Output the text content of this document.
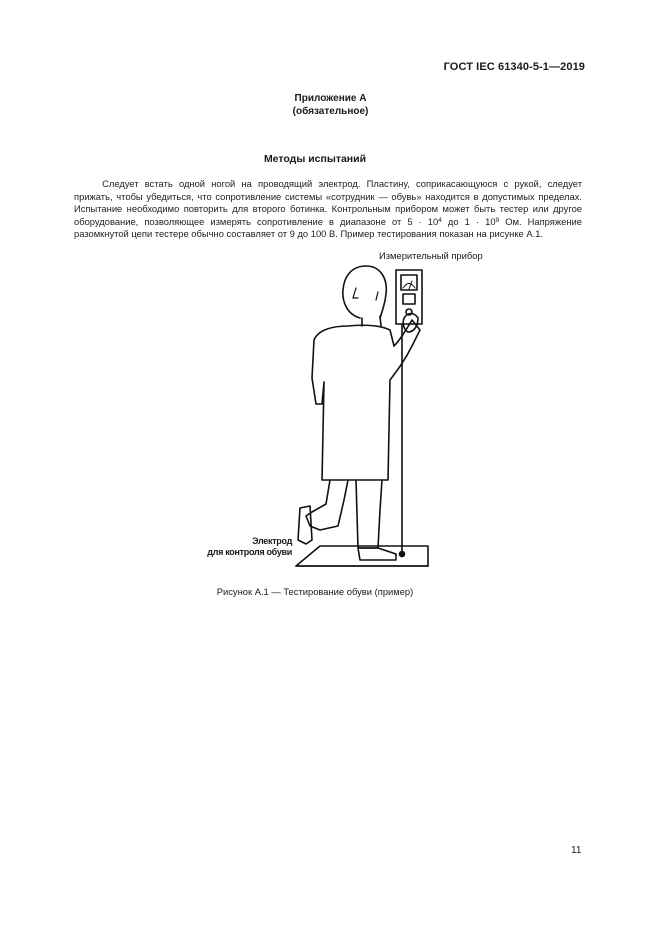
ГОСТ IEC 61340-5-1—2019
Приложение А
(обязательное)
Методы испытаний

   Следует встать одной ногой на проводящий электрод. Пластину, соприкасающуюся с рукой, следует прижать, чтобы убедиться, что сопротивление системы «сотрудник — обувь» находится в допустимых пределах. Испытание необходимо повторить для второго ботинка. Контрольным прибором может быть тестер или другое оборудование, позволяющее измерять сопротивление в диапазоне от $5 \cdot 10^4$ до $1 \cdot 10^9$ Ом. Напряжение разомкнутой цепи тестере обычно составляет от 9 до 100 В. Пример тестирования показан на рисунке А.1.

Измерительный прибор
Электрод
для контроля обуви
Рисунок А.1 — Тестирование обуви (пример)
11
